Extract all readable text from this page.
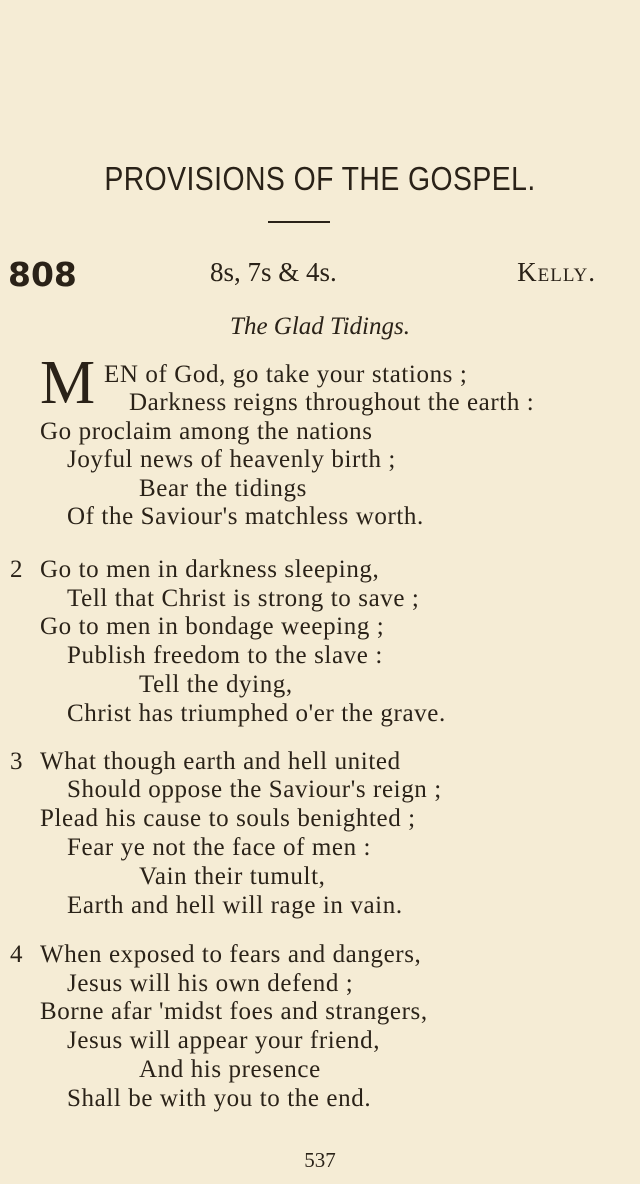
PROVISIONS OF THE GOSPEL.
808	8s, 7s & 4s.	Kelly.
The Glad Tidings.
M EN of God, go take your stations ;
Darkness reigns throughout the earth :
Go proclaim among the nations
Joyful news of heavenly birth ;
Bear the tidings
Of the Saviour's matchless worth.
2 Go to men in darkness sleeping,
Tell that Christ is strong to save ;
Go to men in bondage weeping ;
Publish freedom to the slave :
Tell the dying,
Christ has triumphed o'er the grave.
3 What though earth and hell united
Should oppose the Saviour's reign ;
Plead his cause to souls benighted ;
Fear ye not the face of men :
Vain their tumult,
Earth and hell will rage in vain.
4 When exposed to fears and dangers,
Jesus will his own defend ;
Borne afar 'midst foes and strangers,
Jesus will appear your friend,
And his presence
Shall be with you to the end.
537
